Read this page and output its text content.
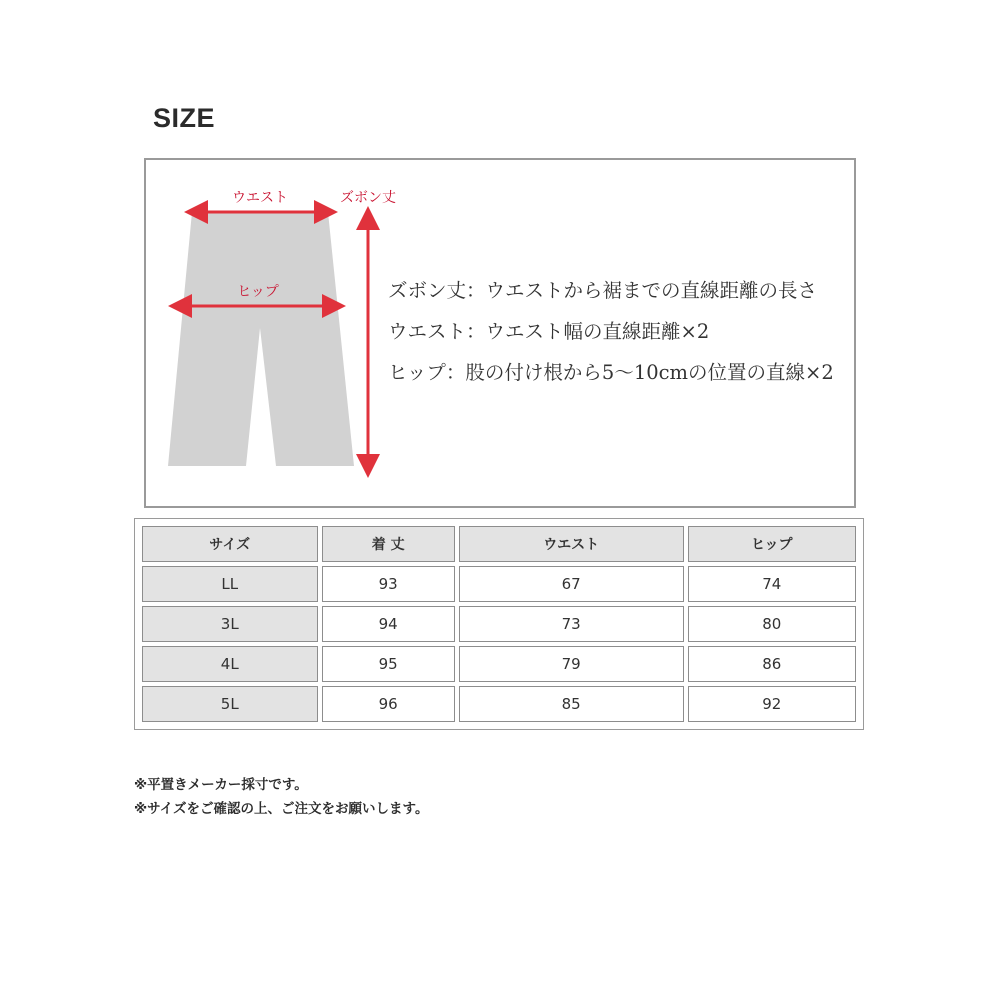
SIZE
ウエスト
ヒップ
ズボン丈
ズボン丈：ウエストから裾までの直線距離の長さ
ウエスト：ウエスト幅の直線距離×2
ヒップ：股の付け根から5～10cmの位置の直線×2
サイズ	着 丈	ウエスト	ヒップ
LL	93	67	74
3L	94	73	80
4L	95	79	86
5L	96	85	92
※平置きメーカー採寸です。
※サイズをご確認の上、ご注文をお願いします。
